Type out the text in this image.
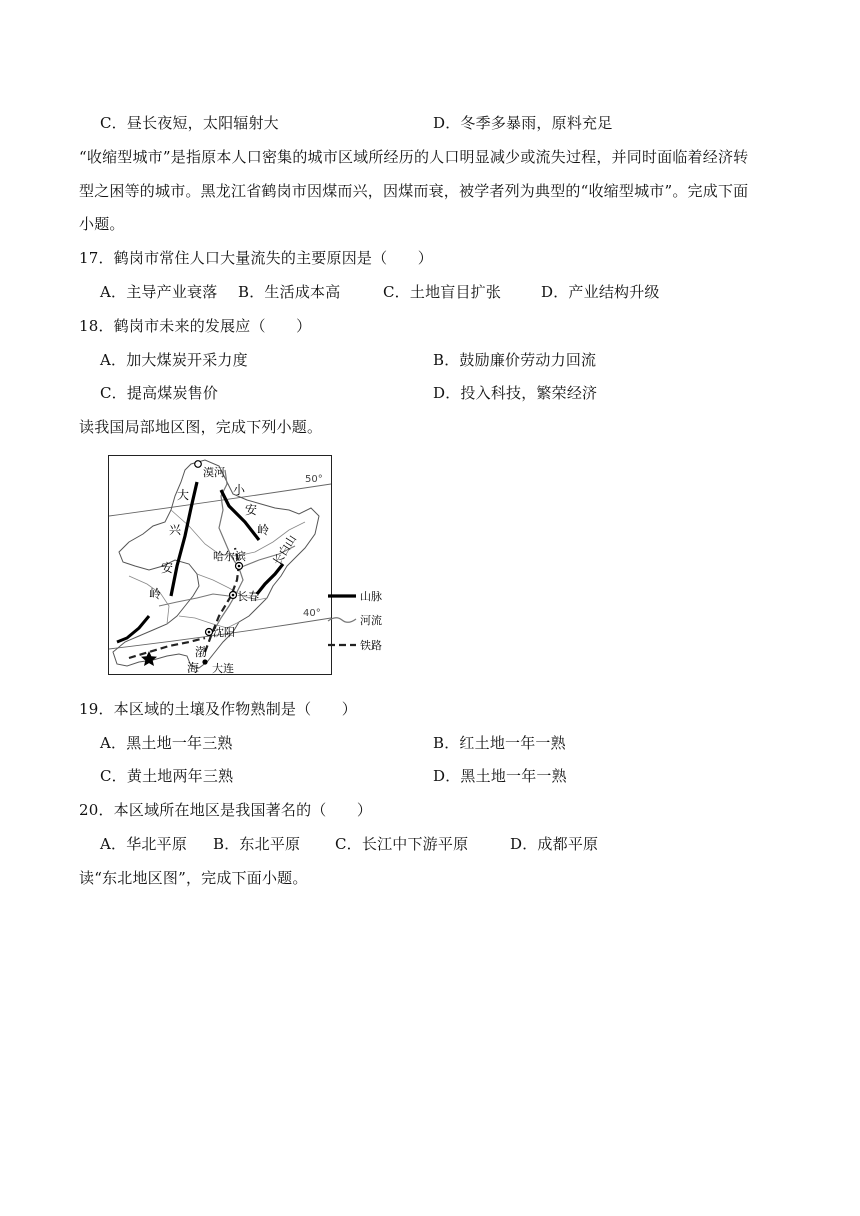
C．昼长夜短，太阳辐射大	D．冬季多暴雨，原料充足
“收缩型城市”是指原本人口密集的城市区域所经历的人口明显减少或流失过程，并同时面临着经济转
型之困等的城市。黑龙江省鹤岗市因煤而兴，因煤而衰，被学者列为典型的“收缩型城市”。完成下面
小题。
17．鹤岗市常住人口大量流失的主要原因是（　　）
A．主导产业衰落 B．生活成本高	C．土地盲目扩张	D．产业结构升级
18．鹤岗市未来的发展应（　　）
A．加大煤炭开采力度	B．鼓励廉价劳动力回流
C．提高煤炭售价	D．投入科技，繁荣经济
读我国局部地区图，完成下列小题。
漠河
大
兴
安
岭
小
安
岭
哈尔滨
长春
沈阳
长白山
渤
海 大连
50°
40°
山脉
河流
铁路
19．本区域的土壤及作物熟制是（　　）
A．黑土地一年三熟	B．红土地一年一熟
C．黄土地两年三熟	D．黑土地一年一熟
20．本区域所在地区是我国著名的（　　）
A．华北平原 B．东北平原 C．长江中下游平原	D．成都平原
读“东北地区图”，完成下面小题。
